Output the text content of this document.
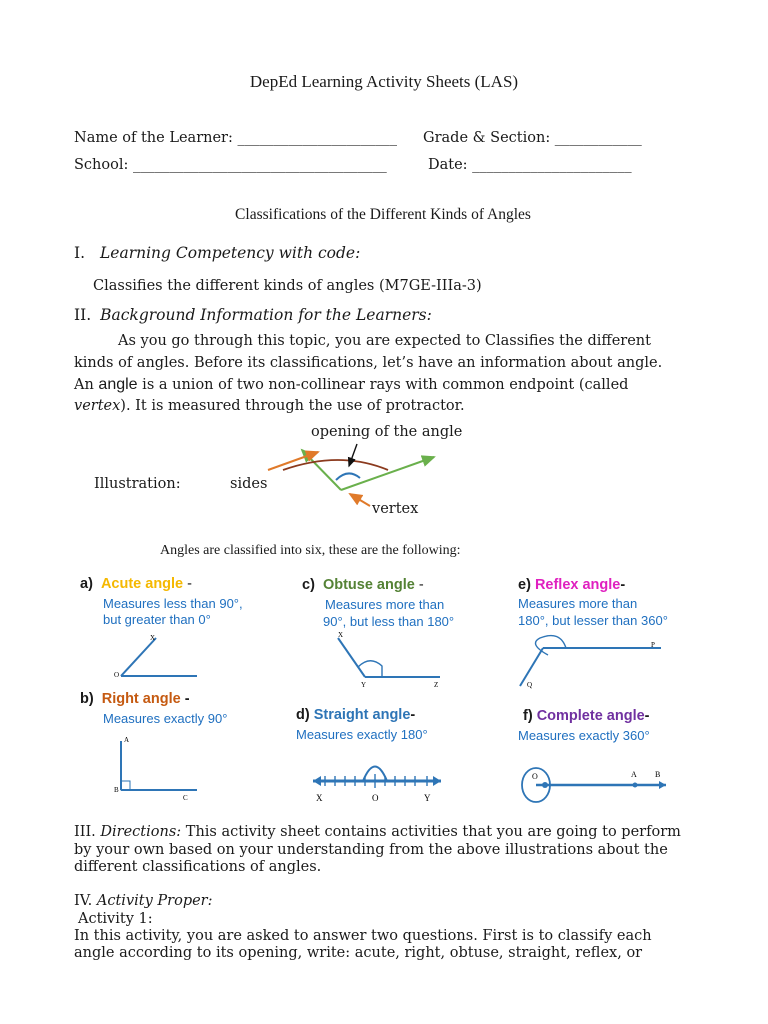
DepEd Learning Activity Sheets (LAS)
Name of the Learner: ______________________ Grade & Section: ____________
School: ___________________________________	Date: ______________________
Classifications of the Different Kinds of Angles
I. Learning Competency with code:
Classifies the different kinds of angles (M7GE-IIIa-3)
II. Background Information for the Learners:
As you go through this topic, you are expected to Classifies the different
kinds of angles. Before its classifications, let’s have an information about angle.
An angle is a union of two non-collinear rays with common endpoint (called
vertex). It is measured through the use of protractor.
Illustration:	sides
opening of the angle
vertex
X
O
A
B
C
X
Y	Z
X	O	Y
P
Q
O	A B
Angles are classified into six, these are the following:
a) Acute angle -
Measures less than 90°,
but greater than 0°
b) Right angle -
Measures exactly 90°
c) Obtuse angle -
Measures more than
90°, but less than 180°
d) Straight angle-
Measures exactly 180°
e) Reflex angle-
Measures more than
180°, but lesser than 360°
f) Complete angle-
Measures exactly 360°
III. Directions: This activity sheet contains activities that you are going to perform
by your own based on your understanding from the above illustrations about the
different classifications of angles.
IV. Activity Proper:
Activity 1:
In this activity, you are asked to answer two questions. First is to classify each
angle according to its opening, write: acute, right, obtuse, straight, reflex, or
